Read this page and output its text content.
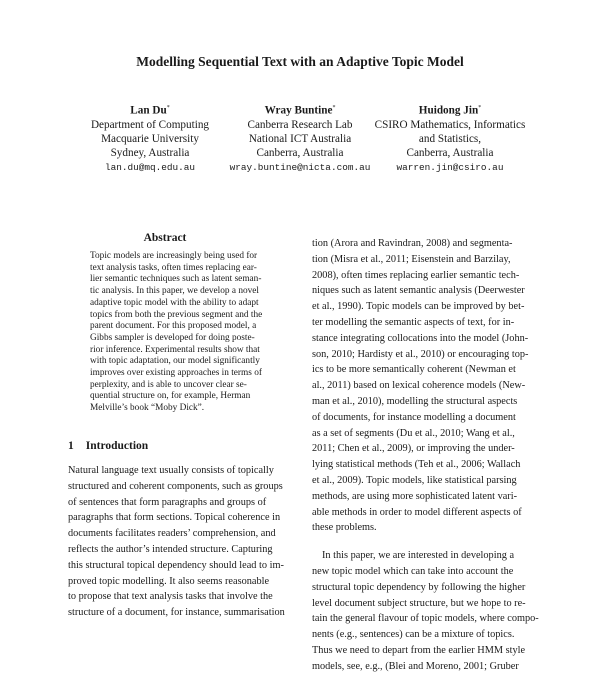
Modelling Sequential Text with an Adaptive Topic Model
Lan Du*
Department of Computing
Macquarie University
Sydney, Australia
lan.du@mq.edu.au
Wray Buntine*
Canberra Research Lab
National ICT Australia
Canberra, Australia
wray.buntine@nicta.com.au
Huidong Jin*
CSIRO Mathematics, Informatics
and Statistics,
Canberra, Australia
warren.jin@csiro.au
Abstract
Topic models are increasingly being used for
text analysis tasks, often times replacing ear-
lier semantic techniques such as latent seman-
tic analysis. In this paper, we develop a novel
adaptive topic model with the ability to adapt
topics from both the previous segment and the
parent document. For this proposed model, a
Gibbs sampler is developed for doing poste-
rior inference. Experimental results show that
with topic adaptation, our model significantly
improves over existing approaches in terms of
perplexity, and is able to uncover clear se-
quential structure on, for example, Herman
Melville’s book “Moby Dick”.
1 Introduction
Natural language text usually consists of topically
structured and coherent components, such as groups
of sentences that form paragraphs and groups of
paragraphs that form sections. Topical coherence in
documents facilitates readers’ comprehension, and
reflects the author’s intended structure. Capturing
this structural topical dependency should lead to im-
proved topic modelling. It also seems reasonable
to propose that text analysis tasks that involve the
structure of a document, for instance, summarisation
tion (Arora and Ravindran, 2008) and segmenta-
tion (Misra et al., 2011; Eisenstein and Barzilay,
2008), often times replacing earlier semantic tech-
niques such as latent semantic analysis (Deerwester
et al., 1990). Topic models can be improved by bet-
ter modelling the semantic aspects of text, for in-
stance integrating collocations into the model (John-
son, 2010; Hardisty et al., 2010) or encouraging top-
ics to be more semantically coherent (Newman et
al., 2011) based on lexical coherence models (New-
man et al., 2010), modelling the structural aspects
of documents, for instance modelling a document
as a set of segments (Du et al., 2010; Wang et al.,
2011; Chen et al., 2009), or improving the under-
lying statistical methods (Teh et al., 2006; Wallach
et al., 2009). Topic models, like statistical parsing
methods, are using more sophisticated latent vari-
able methods in order to model different aspects of
these problems.
In this paper, we are interested in developing a
new topic model which can take into account the
structural topic dependency by following the higher
level document subject structure, but we hope to re-
tain the general flavour of topic models, where compo-
nents (e.g., sentences) can be a mixture of topics.
Thus we need to depart from the earlier HMM style
models, see, e.g., (Blei and Moreno, 2001; Gruber
